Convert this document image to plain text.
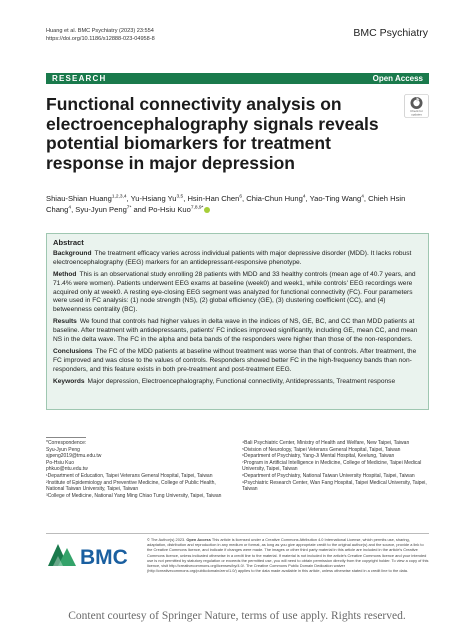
Huang et al. BMC Psychiatry (2023) 23:554
https://doi.org/10.1186/s12888-023-04958-8	BMC Psychiatry
RESEARCH	Open Access
Functional connectivity analysis on electroencephalography signals reveals potential biomarkers for treatment response in major depression
Check for
updates
Shiau-Shian Huang$^{1,2,3,4}$, Yu-Hsiang Yu$^{3,5}$, Hsin-Han Chen$^6$, Chia-Chun Hung$^4$, Yao-Ting Wang$^4$, Chieh Hsin Chang$^4$, Syu-Jyun Peng$^{7*}$ and Po-Hsiu Kuo$^{7,8,9*}$
Abstract

Background The treatment efficacy varies across individual patients with major depressive disorder (MDD). It lacks robust electroencephalography (EEG) markers for an antidepressant-responsive phenotype.

Method This is an observational study enrolling 28 patients with MDD and 33 healthy controls (mean age of 40.7 years, and 71.4% were women). Patients underwent EEG exams at baseline (week0) and week1, while controls' EEG recordings were acquired only at week0. A resting eye-closing EEG segment was analyzed for functional connectivity (FC). Four parameters were used in FC analysis: (1) node strength (NS), (2) global efficiency (GE), (3) clustering coefficient (CC), and (4) betweenness centrality (BC).

Results We found that controls had higher values in delta wave in the indices of NS, GE, BC, and CC than MDD patients at baseline. After treatment with antidepressants, patients' FC indices improved significantly, including GE, mean CC, and mean NS in the delta wave. The FC in the alpha and beta bands of the responders were higher than those of the non-responders.

Conclusions The FC of the MDD patients at baseline without treatment was worse than that of controls. After treatment, the FC improved and was close to the values of controls. Responders showed better FC in the high-frequency bands than non-responders, and this feature exists in both pre-treatment and post-treatment EEG.

Keywords Major depression, Electroencephalography, Functional connectivity, Antidepressants, Treatment response

*Correspondence:
Syu-Jyun Peng
sjpeng2019@tmu.edu.tw
Po-Hsiu Kuo
phkuo@ntu.edu.tw
¹Department of Education, Taipei Veterans General Hospital, Taipei, Taiwan
²Institute of Epidemiology and Preventive Medicine, College of Public Health, National Taiwan University, Taipei, Taiwan
³College of Medicine, National Yang Ming Chiao Tung University, Taipei, Taiwan
⁴Bali Psychiatric Center, Ministry of Health and Welfare, New Taipei, Taiwan
⁵Division of Neurology, Taipei Veterans General Hospital, Taipei, Taiwan
⁶Department of Psychiatry, Yang-Ji Mental Hospital, Keelung, Taiwan
⁷Program in Artificial Intelligence in Medicine, College of Medicine, Taipei Medical University, Taipei, Taiwan
⁸Department of Psychiatry, National Taiwan University Hospital, Taipei, Taiwan
⁹Psychiatric Research Center, Wan Fang Hospital, Taipei Medical University, Taipei, Taiwan
BMC
© The Author(s) 2023. Open Access This article is licensed under a Creative Commons Attribution 4.0 International License, which permits use, sharing, adaptation, distribution and reproduction in any medium or format, as long as you give appropriate credit to the original author(s) and the source, provide a link to the Creative Commons licence, and indicate if changes were made. The images or other third party material in this article are included in the article's Creative Commons licence, unless indicated otherwise in a credit line to the material. If material is not included in the article's Creative Commons licence and your intended use is not permitted by statutory regulation or exceeds the permitted use, you will need to obtain permission directly from the copyright holder. To view a copy of this licence, visit http://creativecommons.org/licenses/by/4.0/. The Creative Commons Public Domain Dedication waiver (http://creativecommons.org/publicdomain/zero/1.0/) applies to the data made available in this article, unless otherwise stated in a credit line to the data.
Content courtesy of Springer Nature, terms of use apply. Rights reserved.
